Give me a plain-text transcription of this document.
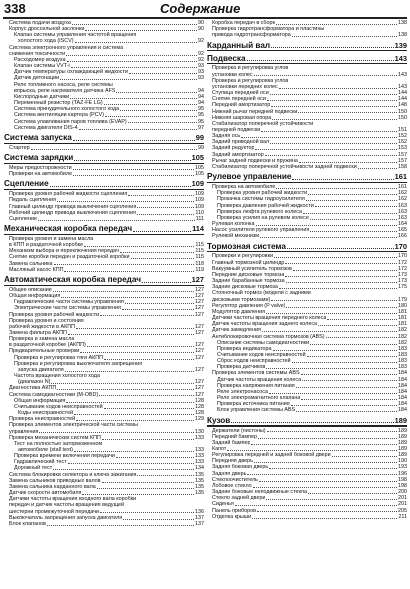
338	Содержание
Система подачи воздуха	90
Корпус дроссельной заслонки	90
Клапан системы управления частотой вращения
холостого хода (ISCV)	92
Система электронного управления и система
снижения токсичности	92
Расходомер воздуха	92
Клапан системы VVT-i	93
Датчик температуры охлаждающей жидкости	93
Датчик детонации	93
Реле топливного насоса, реле системы
впрыска, реле нагревателя датчика AFS	94
Кислородные датчики	94
Переменный резистор (TAZ-FE LG)	94
Система принудительного холостого хода	95
Система вентиляции картера (PCV)	95
Система улавливания паров топлива (EVAP)	95
Система двигателя DIS-4	97
Система запуска	99
Стартер	99
Система зарядки	105
Меры предосторожности	105
Проверки на автомобиле	105
Сцепление	109
Проверка уровня рабочей жидкости сцепления	109
Педаль сцепления	109
Главный цилиндр привода выключения сцепления	109
Рабочий цилиндр привода выключения сцепления	110
Сцепление	111
Механическая коробка передач	114
Проверка уровня и замена масла
в КПП и раздаточной коробке	115
Механизм выбора и переключения передач	115
Снятие коробки передач и раздаточной коробки	115
Замена сальника	118
Масляный насос КПП	119
Автоматическая коробка передач	127
Общее описание	127
Общая информация	127
Гидравлические части системы управления	127
Электрические части системы управления	127
Проверка уровня рабочей жидкости	127
Проверка уровня и состояния
рабочей жидкости в АКПП	127
Замена фильтра АКПП	127
Проверка и замена масла
в раздаточной коробке (АКПП)	127
Предварительные проверки	127
Проверка и регулировка тяги АКПП	127
Проверка и регулировка выключателя запрещения
запуска двигателя	127
Частота вращения холостого хода
(диапазон N)	127
Диагностика АКПП	127
Система самодиагностики (M-OBD)	127
Общая информация	128
Считывание кодов неисправностей	128
Коды неисправностей	128
Проверка неисправностей	129
Проверка элементов электрической части системы
управления	130
Проверка механических систем КПП	133
Тест на полностью заторможенном
автомобиле (stall test)	133
Проверка времени включения передачи	133
Гидравлический тест	133
Дорожный тест	134
Система блокировки селектора и ключа зажигания	135
Замена сальников приводных валов	135
Замена сальника карданного вала	135
Датчик скорости автомобиля	135
Датчики частоты вращения входного вала коробки
передач и датчик частоты вращения ведущей
шестерни промежуточной передачи	136
Выключатель запрещения запуска двигателя	137
Блок клапанов	137
Коробка передач в сборе	138
Проверка гидротрансформатора и пластины
привода гидротрансформатора	138
Карданный вал	139
Подвеска	143
Проверка и регулировка углов
установки колес	143
Проверка и регулировка углов
установки передних колес	143
Ступица передней оси	144
Снятие передней оси	144
Передний амортизатор	148
Нижний рычаг передней подвески	150
Нижняя шаровая опора	150
Стабилизатор поперечной устойчивости
передней подвески	151
Задняя ось	152
Задний приводной вал	152
Задний редуктор	153
Задний амортизатор	157
Рычаг задней подвески и пружина	157
Стабилизатор поперечной устойчивости задней подвески	158
Рулевое управление	161
Проверка на автомобиле	161
Проверка уровня рабочей жидкости	162
Прокачка системы гидроусилителя	162
Проверка давления рабочей жидкости	163
Проверка люфта рулевого колеса	163
Проверка усилия на рулевом колесе	163
Рулевая колонка	164
Насос усилителя рулевого управления	165
Рулевой механизм	166
Тормозная система	170
Проверки и регулировки	170
Главный тормозной цилиндр	172
Вакуумный усилитель тормозов	172
Передние дисковые тормоза	173
Задние барабанные тормоза	173
Задние дисковые тормоза	175
Стояночный тормоз (модели с задними
дисковыми тормозами)	179
Регулятор давления (P valve)	180
Модулятор давления	181
Датчики частоты вращения переднего колеса	181
Датчик частоты вращения заднего колеса	181
Датчик замедления	182
Антиблокировочная система тормозов (ABS)	182
Описание системы самодиагностики	182
Проверка индикатора	183
Считывание кодов неисправностей	183
Сброс кодов неисправностей	183
Проверка датчиков	183
Проверка элементов системы ABS	184
Датчик частоты вращения колеса	184
Проверка напряжения питания	184
Реле электронасоса	184
Реле электромагнитного клапана	184
Проверка источника питания	184
Блок управления системы ABS	184
Кузов	189
Держатели (пистоны)	189
Передний бампер	189
Задний бампер	189
Капот	189
Регулировка передней и задней боковой двери	189
Передняя дверь	190
Задняя боковая дверь	193
Задняя дверь	196
Стеклоочиститель	198
Лобовое стекло	198
Задние боковые неподвижные стекла	200
Стекло задней двери	201
Сиденья	201
Панель приборов	205
Отделка крыши	211
